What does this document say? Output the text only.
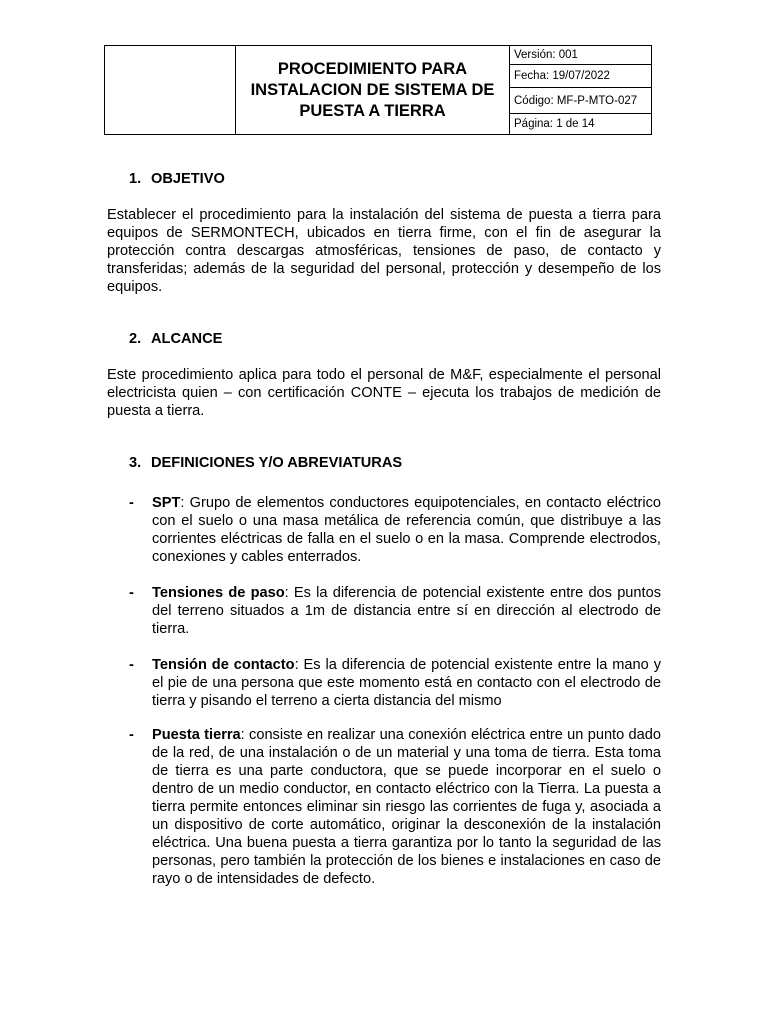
PROCEDIMIENTO PARA INSTALACION DE SISTEMA DE PUESTA A TIERRA
Versión: 001
Fecha: 19/07/2022
Código: MF-P-MTO-027
Página: 1 de 14
1. OBJETIVO
Establecer el procedimiento para la instalación del sistema de puesta a tierra para equipos de SERMONTECH, ubicados en tierra firme, con el fin de asegurar la protección contra descargas atmosféricas, tensiones de paso, de contacto y transferidas; además de la seguridad del personal, protección y desempeño de los equipos.
2. ALCANCE
Este procedimiento aplica para todo el personal de M&F, especialmente el personal electricista quien – con certificación CONTE – ejecuta los trabajos de medición de puesta a tierra.
3. DEFINICIONES Y/O ABREVIATURAS
-	SPT: Grupo de elementos conductores equipotenciales, en contacto eléctrico con el suelo o una masa metálica de referencia común, que distribuye a las corrientes eléctricas de falla en el suelo o en la masa. Comprende electrodos, conexiones y cables enterrados.
-	Tensiones de paso: Es la diferencia de potencial existente entre dos puntos del terreno situados a 1m de distancia entre sí en dirección al electrodo de tierra.
-	Tensión de contacto: Es la diferencia de potencial existente entre la mano y el pie de una persona que este momento está en contacto con el electrodo de tierra y pisando el terreno a cierta distancia del mismo
-	Puesta tierra: consiste en realizar una conexión eléctrica entre un punto dado de la red, de una instalación o de un material y una toma de tierra. Esta toma de tierra es una parte conductora, que se puede incorporar en el suelo o dentro de un medio conductor, en contacto eléctrico con la Tierra. La puesta a tierra permite entonces eliminar sin riesgo las corrientes de fuga y, asociada a un dispositivo de corte automático, originar la desconexión de la instalación eléctrica. Una buena puesta a tierra garantiza por lo tanto la seguridad de las personas, pero también la protección de los bienes e instalaciones en caso de rayo o de intensidades de defecto.
